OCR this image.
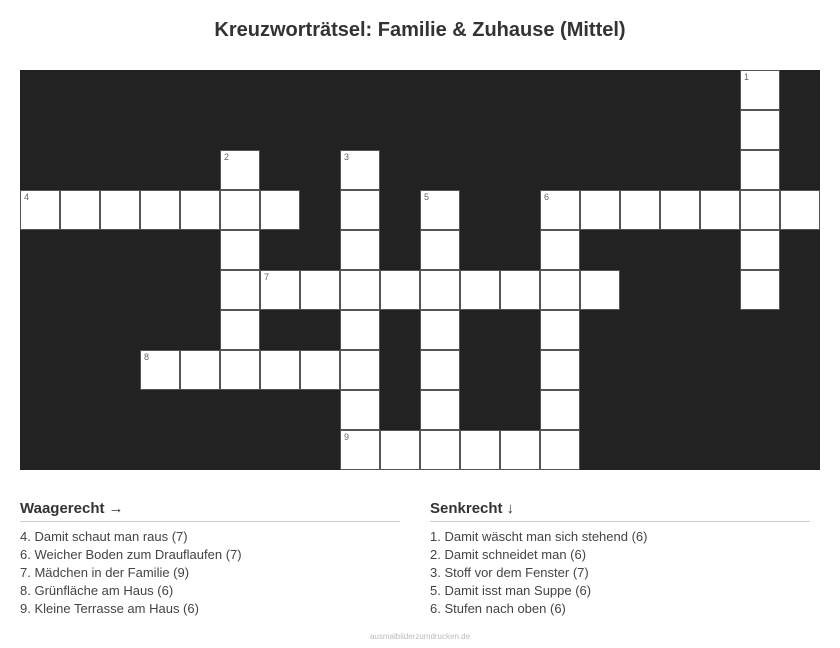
Kreuzworträtsel: Familie & Zuhause (Mittel)
1
2	3
4	5	6
7
8
9
Waagerecht →
4. Damit schaut man raus (7)
6. Weicher Boden zum Drauflaufen (7)
7. Mädchen in der Familie (9)
8. Grünfläche am Haus (6)
9. Kleine Terrasse am Haus (6)
Senkrecht ↓
1. Damit wäscht man sich stehend (6)
2. Damit schneidet man (6)
3. Stoff vor dem Fenster (7)
5. Damit isst man Suppe (6)
6. Stufen nach oben (6)
ausmalbilderzumdrucken.de
